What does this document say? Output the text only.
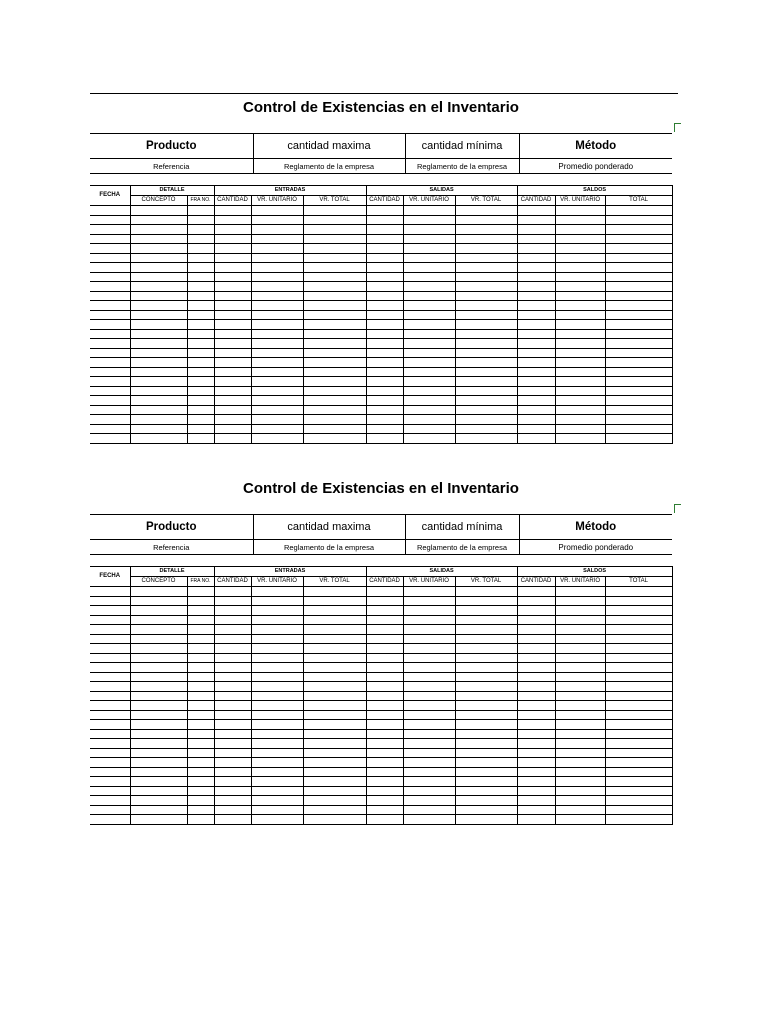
Control de Existencias en el Inventario
Producto	cantidad maxima	cantidad mínima	Método
Referencia	Reglamento de la empresa	Reglamento de la empresa	Promedio ponderado
FECHA	DETALLE		ENTRADAS			SALIDAS			SALDOS		
	CONCEPTO	FRA NO.	CANTIDAD	VR. UNITARIO	VR. TOTAL	CANTIDAD	VR. UNITARIO	VR. TOTAL	CANTIDAD	VR. UNITARIO	TOTAL

Control de Existencias en el Inventario
Producto	cantidad maxima	cantidad mínima	Método
Referencia	Reglamento de la empresa	Reglamento de la empresa	Promedio ponderado
FECHA	DETALLE		ENTRADAS			SALIDAS			SALDOS		
	CONCEPTO	FRA NO.	CANTIDAD	VR. UNITARIO	VR. TOTAL	CANTIDAD	VR. UNITARIO	VR. TOTAL	CANTIDAD	VR. UNITARIO	TOTAL
